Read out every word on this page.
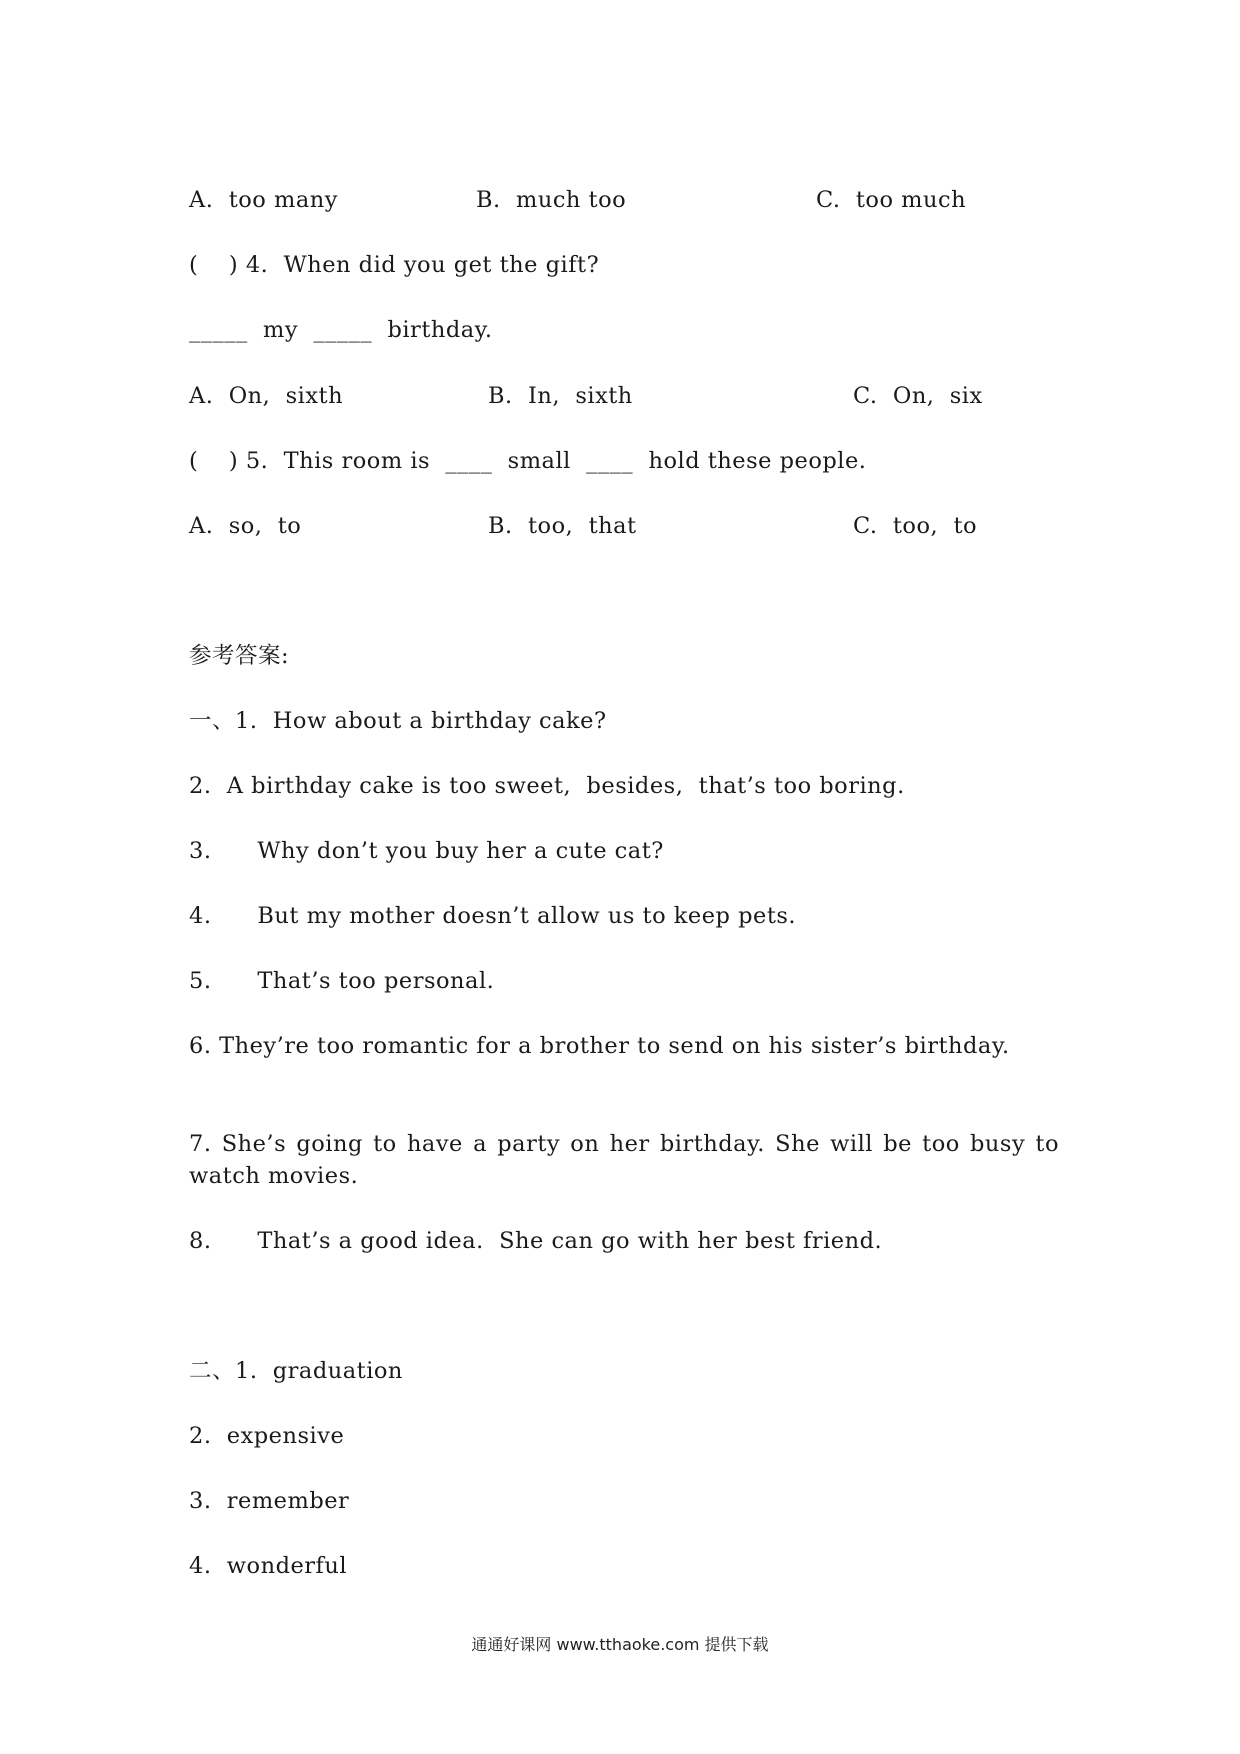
A.  too many	B.  much too	C.  too much
(    ) 4.  When did you get the gift?
_____  my  _____  birthday.
A.  On,  sixth	B.  In,  sixth	C.  On,  six
(    ) 5.  This room is  ____  small  ____  hold these people.
A.  so,  to	B.  too,  that	C.  too,  to
参考答案:
一、1.  How about a birthday cake?
2.  A birthday cake is too sweet,  besides,  that’s too boring.
3.      Why don’t you buy her a cute cat?
4.      But my mother doesn’t allow us to keep pets.
5.      That’s too personal.
6. They’re too romantic for a brother to send on his sister’s birthday.
7. She’s going to have a party on her birthday. She will be too busy to watch movies.
8.      That’s a good idea.  She can go with her best friend.
二、1.  graduation
2.  expensive
3.  remember
4.  wonderful
通通好课网 www.tthaoke.com 提供下载
